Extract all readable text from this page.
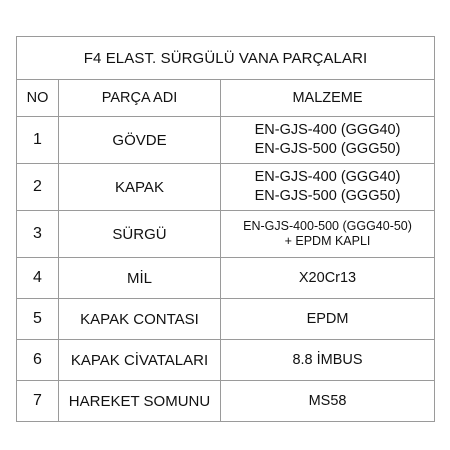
F4 ELAST. SÜRGÜLÜ VANA PARÇALARI		
NO	PARÇA ADI	MALZEME
1	GÖVDE	EN-GJS-400 (GGG40)
EN-GJS-500 (GGG50)

2	KAPAK	EN-GJS-400 (GGG40)
EN-GJS-500 (GGG50)

3	SÜRGÜ	EN-GJS-400-500 (GGG40-50)
+ EPDM KAPLI

4	MİL	X20Cr13

5	KAPAK CONTASI	EPDM

6	KAPAK CİVATALARI	8.8 İMBUS

7	HAREKET SOMUNU	MS58
